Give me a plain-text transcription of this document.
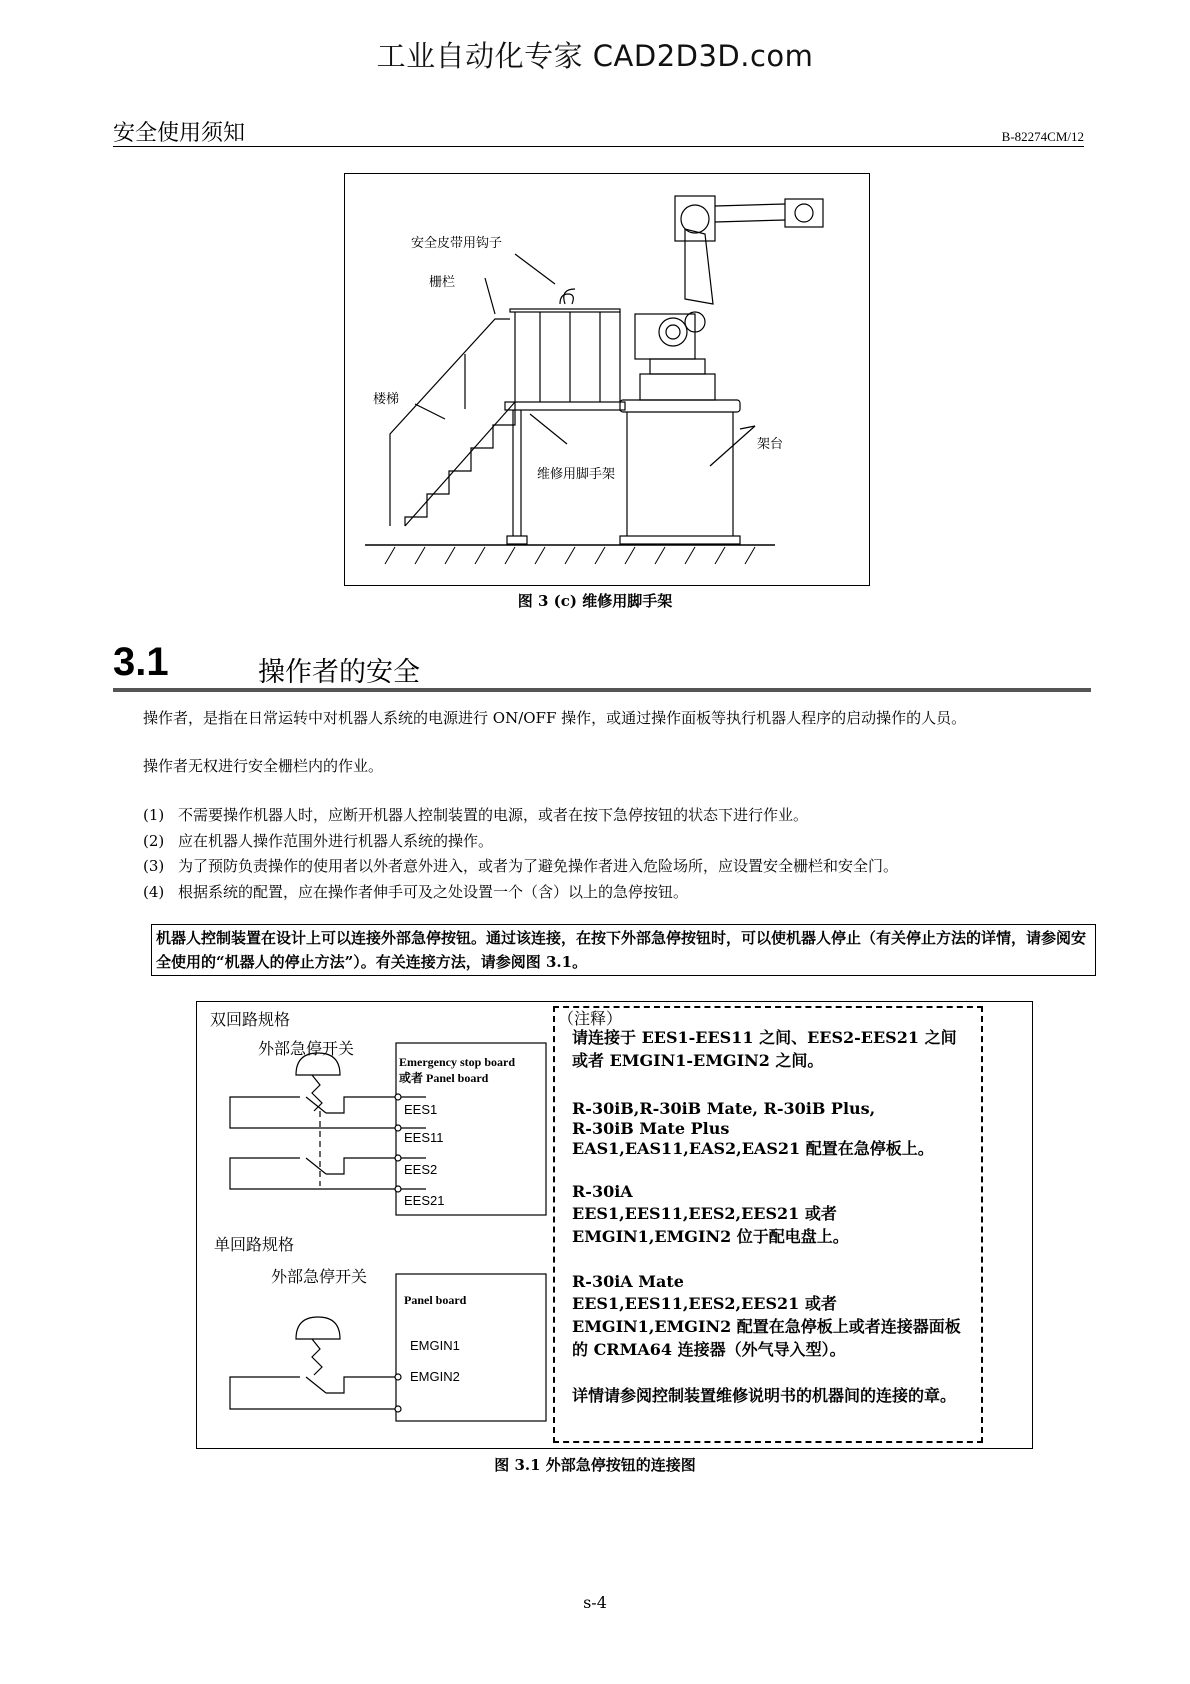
工业自动化专家 CAD2D3D.com
安全使用须知	B-82274CM/12
安全皮带用钩子
栅栏
楼梯
维修用脚手架
架台
图 3 (c) 维修用脚手架
3.1	操作者的安全
操作者，是指在日常运转中对机器人系统的电源进行 ON/OFF 操作，或通过操作面板等执行机器人程序的启动操作的人员。
操作者无权进行安全栅栏内的作业。
(1) 不需要操作机器人时，应断开机器人控制装置的电源，或者在按下急停按钮的状态下进行作业。
(2) 应在机器人操作范围外进行机器人系统的操作。
(3) 为了预防负责操作的使用者以外者意外进入，或者为了避免操作者进入危险场所，应设置安全栅栏和安全门。
(4) 根据系统的配置，应在操作者伸手可及之处设置一个（含）以上的急停按钮。
机器人控制装置在设计上可以连接外部急停按钮。通过该连接，在按下外部急停按钮时，可以使机器人停止（有关停止方法的详情，请参阅安全使用的“机器人的停止方法”）。有关连接方法，请参阅图 3.1。
双回路规格
外部急停开关
Emergency stop board
或者 Panel board
EES1
EES11
EES2
EES21
单回路规格
外部急停开关
Panel board
EMGIN1
EMGIN2
（注释）
请连接于 EES1-EES11 之间、EES2-EES21 之间或者 EMGIN1-EMGIN2 之间。
R-30iB,R-30iB Mate, R-30iB Plus,
R-30iB Mate Plus
EAS1,EAS11,EAS2,EAS21 配置在急停板上。
R-30iA
EES1,EES11,EES2,EES21 或者 EMGIN1,EMGIN2 位于配电盘上。
R-30iA Mate
EES1,EES11,EES2,EES21 或者 EMGIN1,EMGIN2 配置在急停板上或者连接器面板的 CRMA64 连接器（外气导入型）。
详情请参阅控制装置维修说明书的机器间的连接的章。
图 3.1 外部急停按钮的连接图
s-4
